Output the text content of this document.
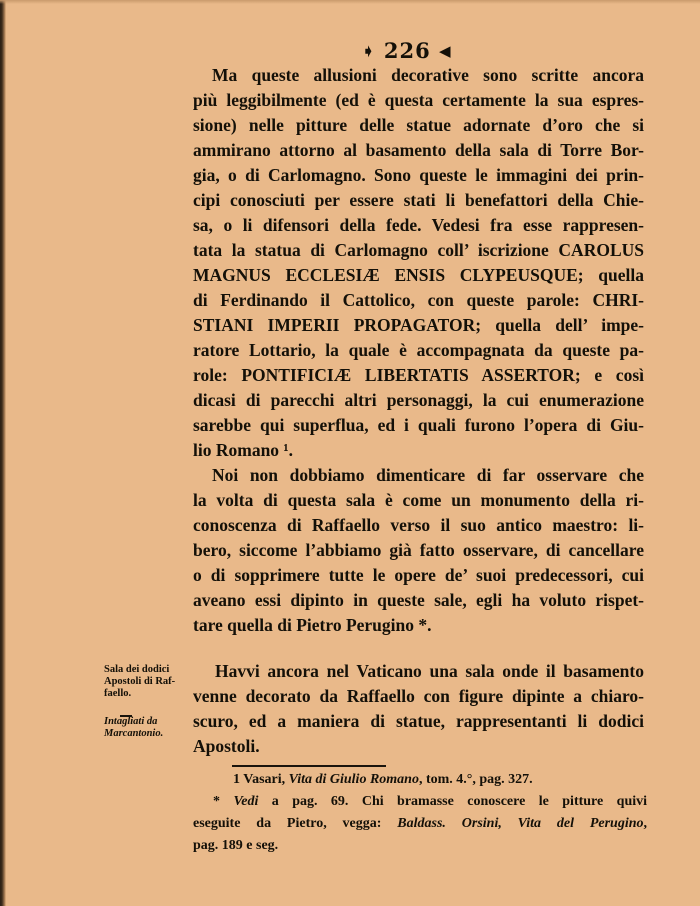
➧ 226 ◀
Ma queste allusioni decorative sono scritte ancora
più leggibilmente (ed è questa certamente la sua espres-
sione) nelle pitture delle statue adornate d’oro che si
ammirano attorno al basamento della sala di Torre Bor-
gia, o di Carlomagno. Sono queste le immagini dei prin-
cipi conosciuti per essere stati li benefattori della Chie-
sa, o li difensori della fede. Vedesi fra esse rappresen-
tata la statua di Carlomagno coll’ iscrizione CAROLUS
MAGNUS ECCLESIÆ ENSIS CLYPEUSQUE; quella
di Ferdinando il Cattolico, con queste parole: CHRI-
STIANI IMPERII PROPAGATOR; quella dell’ impe-
ratore Lottario, la quale è accompagnata da queste pa-
role: PONTIFICIÆ LIBERTATIS ASSERTOR; e così
dicasi di parecchi altri personaggi, la cui enumerazione
sarebbe qui superflua, ed i quali furono l’opera di Giu-
lio Romano ¹.
Noi non dobbiamo dimenticare di far osservare che
la volta di questa sala è come un monumento della ri-
conoscenza di Raffaello verso il suo antico maestro: li-
bero, siccome l’abbiamo già fatto osservare, di cancellare
o di sopprimere tutte le opere de’ suoi predecessori, cui
aveano essi dipinto in queste sale, egli ha voluto rispet-
tare quella di Pietro Perugino *.
Havvi ancora nel Vaticano una sala onde il basamento
venne decorato da Raffaello con figure dipinte a chiaro-
scuro, ed a maniera di statue, rappresentanti li dodici
Apostoli.
Sala dei dodici
Apostoli di Raf-
faello.
Intagliati da
Marcantonio.
1 Vasari, Vita di Giulio Romano, tom. 4.°, pag. 327.
* Vedi a pag. 69. Chi bramasse conoscere le pitture quivi
eseguite da Pietro, vegga: Baldass. Orsini, Vita del Perugino,
pag. 189 e seg.
